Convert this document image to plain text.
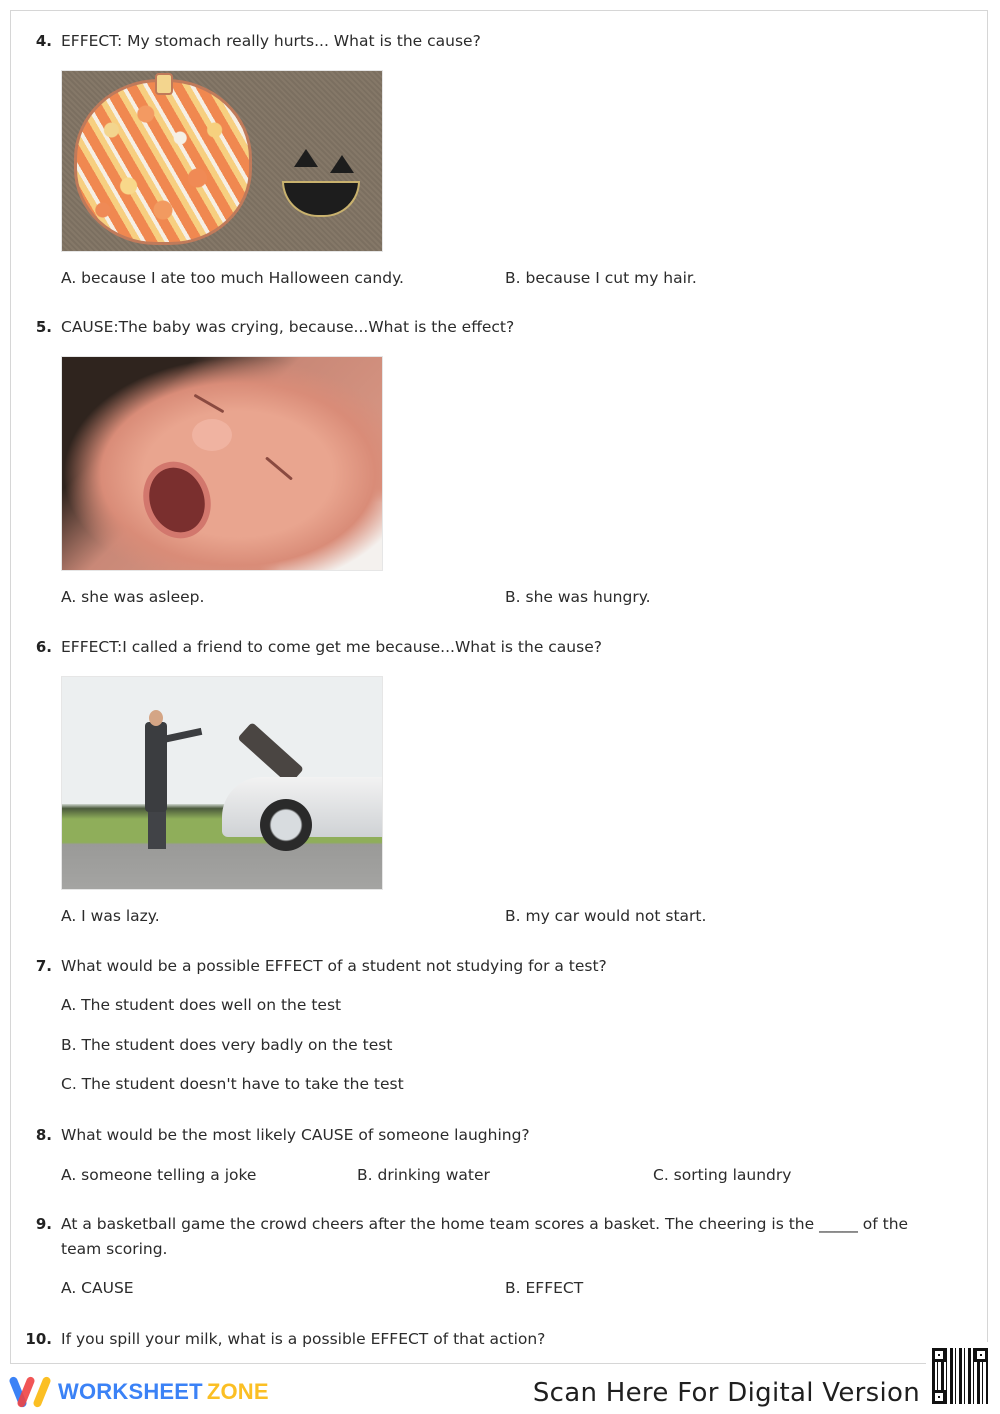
4. EFFECT: My stomach really hurts... What is the cause?
A. because I ate too much Halloween candy.	B. because I cut my hair.
5. CAUSE:The baby was crying, because...What is the effect?
A. she was asleep.	B. she was hungry.
6. EFFECT:I called a friend to come get me because...What is the cause?
A. I was lazy.	B. my car would not start.
7. What would be a possible EFFECT of a student not studying for a test?
A. The student does well on the test
B. The student does very badly on the test
C. The student doesn't have to take the test
8. What would be the most likely CAUSE of someone laughing?
A. someone telling a joke	B. drinking water	C. sorting laundry
9. At a basketball game the crowd cheers after the home team scores a basket. The cheering is the _____ of the team scoring.
A. CAUSE	B. EFFECT
10. If you spill your milk, what is a possible EFFECT of that action?
WORKSHEET ZONE	Scan Here For Digital Version
